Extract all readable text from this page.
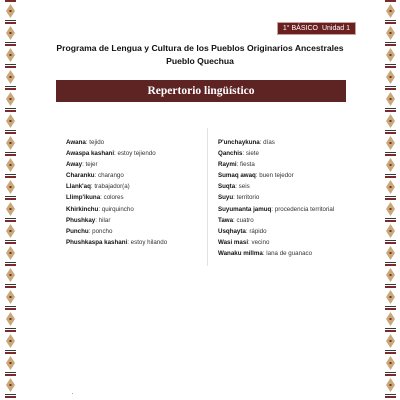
1° BÁSICO Unidad 1
Programa de Lengua y Cultura de los Pueblos Originarios Ancestrales
Pueblo Quechua
Repertorio lingüístico
Awana: tejido
Awaspa kashani: estoy tejiendo
Away: tejer
Charanku: charango
Llank'aq: trabajador(a)
Llimp'ikuna: colores
Khirkinchu: quirquincho
Phushkay: hilar
Punchu: poncho
Phushkaspa kashani: estoy hilando
P'unchaykuna: días
Qanchis: siete
Raymi: fiesta
Sumaq awaq: buen tejedor
Suqta: seis
Suyu: territorio
Suyumanta jamuq: procedencia territorial
Tawa: cuatro
Usqhayta: rápido
Wasi masi: vecino
Wanaku millma: lana de guanaco
